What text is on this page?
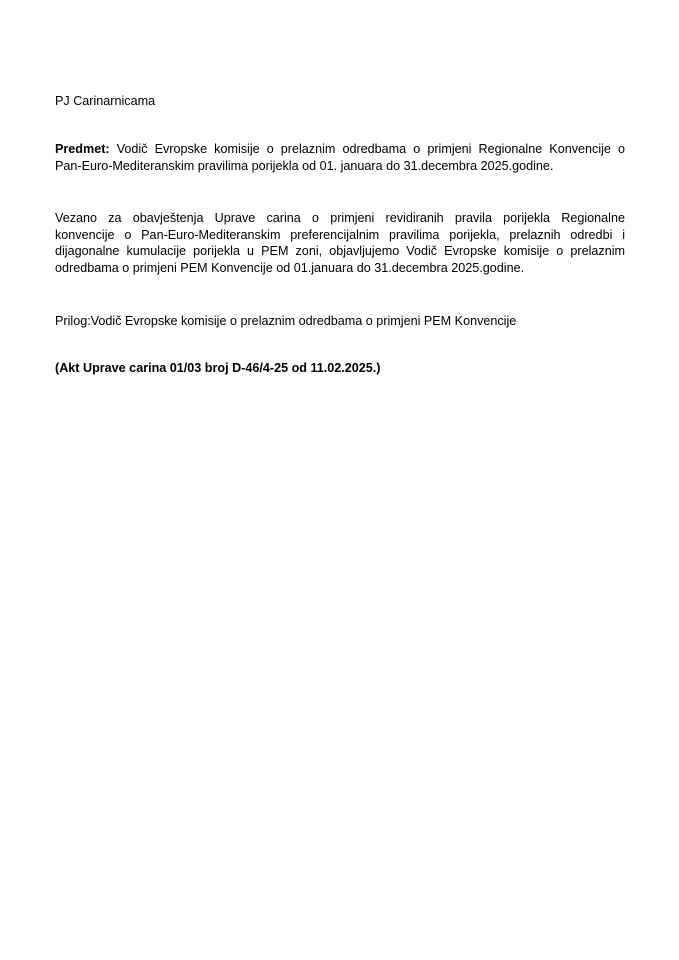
PJ Carinarnicama
Predmet: Vodič Evropske komisije o prelaznim odredbama o primjeni Regionalne Konvencije o
Pan-Euro-Mediteranskim pravilima porijekla od 01. januara do 31.decembra 2025.godine.
Vezano za obavještenja Uprave carina o primjeni revidiranih pravila porijekla Regionalne
konvencije o Pan-Euro-Mediteranskim preferencijalnim pravilima porijekla, prelaznih odredbi i
dijagonalne kumulacije porijekla u PEM zoni, objavljujemo Vodič Evropske komisije o prelaznim
odredbama o primjeni PEM Konvencije od 01.januara do 31.decembra 2025.godine.
Prilog:Vodič Evropske komisije o prelaznim odredbama o primjeni PEM Konvencije
(Akt Uprave carina 01/03 broj D-46/4-25 od 11.02.2025.)
